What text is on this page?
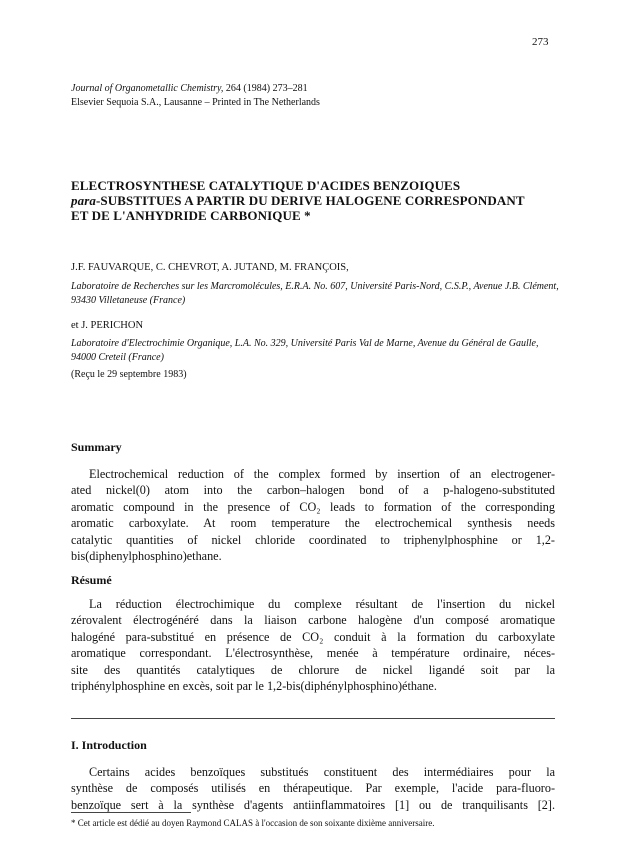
273
Journal of Organometallic Chemistry, 264 (1984) 273–281
Elsevier Sequoia S.A., Lausanne – Printed in The Netherlands
ELECTROSYNTHESE CATALYTIQUE D'ACIDES BENZOIQUES
para-SUBSTITUES A PARTIR DU DERIVE HALOGENE CORRESPONDANT
ET DE L'ANHYDRIDE CARBONIQUE *
J.F. FAUVARQUE, C. CHEVROT, A. JUTAND, M. FRANÇOIS,
Laboratoire de Recherches sur les Marcromolécules, E.R.A. No. 607, Université Paris-Nord, C.S.P., Avenue J.B. Clément, 93430 Villetaneuse (France)
et J. PERICHON
Laboratoire d'Electrochimie Organique, L.A. No. 329, Université Paris Val de Marne, Avenue du Général de Gaulle, 94000 Creteil (France)
(Reçu le 29 septembre 1983)
Summary
Electrochemical reduction of the complex formed by insertion of an electrogener-
ated nickel(0) atom into the carbon–halogen bond of a p-halogeno-substituted
aromatic compound in the presence of CO₂ leads to formation of the corresponding
aromatic carboxylate. At room temperature the electrochemical synthesis needs
catalytic quantities of nickel chloride coordinated to triphenylphosphine or 1,2-
bis(diphenylphosphino)ethane.
Résumé
La réduction électrochimique du complexe résultant de l'insertion du nickel
zérovalent électrogénéré dans la liaison carbone halogène d'un composé aromatique
halogéné para-substitué en présence de CO₂ conduit à la formation du carboxylate
aromatique correspondant. L'électrosynthèse, menée à température ordinaire, néces-
site des quantités catalytiques de chlorure de nickel ligandé soit par la
triphénylphosphine en excès, soit par le 1,2-bis(diphénylphosphino)éthane.
I. Introduction
Certains acides benzoïques substitués constituent des intermédiaires pour la
synthèse de composés utilisés en thérapeutique. Par exemple, l'acide para-fluoro-
benzoïque sert à la synthèse d'agents antiinflammatoires [1] ou de tranquilisants [2].
* Cet article est dédié au doyen Raymond CALAS à l'occasion de son soixante dixième anniversaire.
